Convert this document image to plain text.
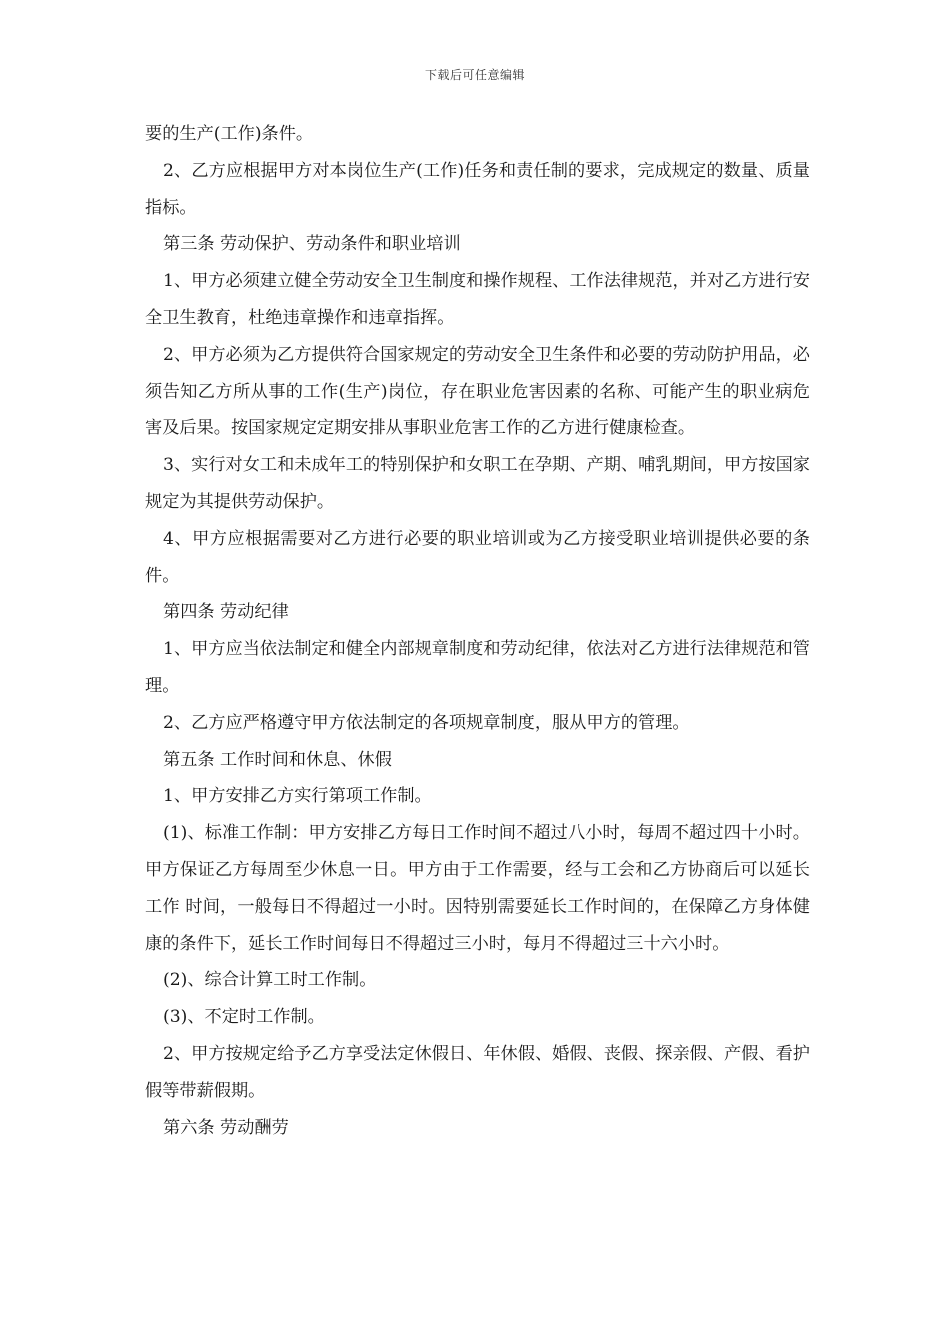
下载后可任意编辑

要的生产(工作)条件。

2、乙方应根据甲方对本岗位生产(工作)任务和责任制的要求，完成规定的数量、质量指标。

第三条 劳动保护、劳动条件和职业培训

1、甲方必须建立健全劳动安全卫生制度和操作规程、工作法律规范，并对乙方进行安全卫生教育，杜绝违章操作和违章指挥。

2、甲方必须为乙方提供符合国家规定的劳动安全卫生条件和必要的劳动防护用品，必须告知乙方所从事的工作(生产)岗位，存在职业危害因素的名称、可能产生的职业病危害及后果。按国家规定定期安排从事职业危害工作的乙方进行健康检查。

3、实行对女工和未成年工的特别保护和女职工在孕期、产期、哺乳期间，甲方按国家规定为其提供劳动保护。

4、甲方应根据需要对乙方进行必要的职业培训或为乙方接受职业培训提供必要的条件。

第四条 劳动纪律

1、甲方应当依法制定和健全内部规章制度和劳动纪律，依法对乙方进行法律规范和管理。

2、乙方应严格遵守甲方依法制定的各项规章制度，服从甲方的管理。

第五条 工作时间和休息、休假

1、甲方安排乙方实行第项工作制。

(1)、标准工作制：甲方安排乙方每日工作时间不超过八小时，每周不超过四十小时。甲方保证乙方每周至少休息一日。甲方由于工作需要，经与工会和乙方协商后可以延长工作 时间，一般每日不得超过一小时。因特别需要延长工作时间的，在保障乙方身体健康的条件下，延长工作时间每日不得超过三小时，每月不得超过三十六小时。

(2)、综合计算工时工作制。

(3)、不定时工作制。

2、甲方按规定给予乙方享受法定休假日、年休假、婚假、丧假、探亲假、产假、看护假等带薪假期。

第六条 劳动酬劳
